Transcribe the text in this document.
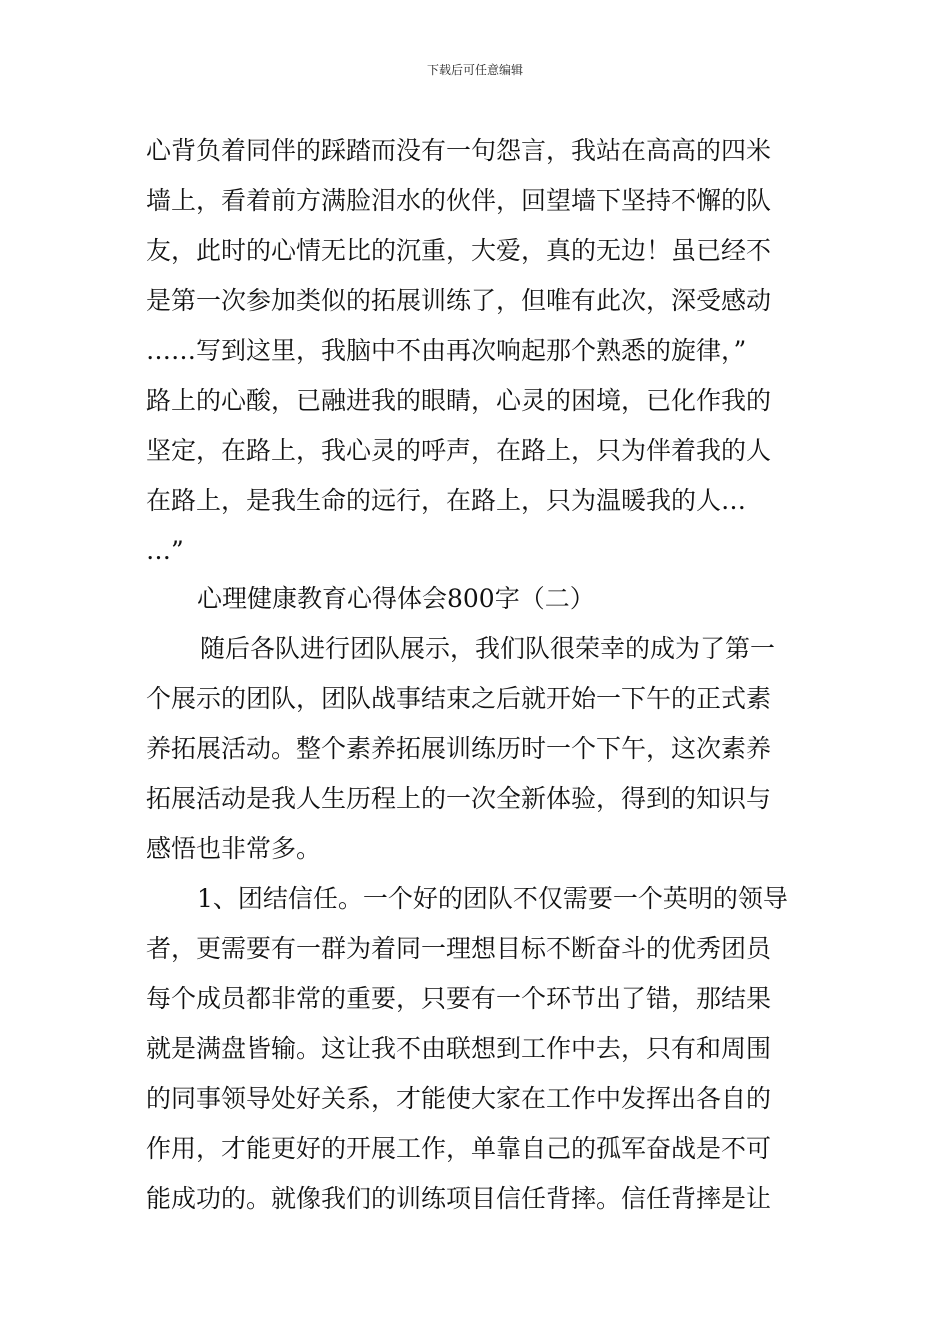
下载后可任意编辑
心背负着同伴的踩踏而没有一句怨言，我站在高高的四米
墙上，看着前方满脸泪水的伙伴，回望墙下坚持不懈的队
友，此时的心情无比的沉重，大爱，真的无边！虽已经不
是第一次参加类似的拓展训练了，但唯有此次，深受感动
……写到这里，我脑中不由再次响起那个熟悉的旋律，”
路上的心酸，已融进我的眼睛，心灵的困境，已化作我的
坚定，在路上，我心灵的呼声，在路上，只为伴着我的人
在路上，是我生命的远行，在路上，只为温暖我的人…
…”
心理健康教育心得体会800字（二）
随后各队进行团队展示，我们队很荣幸的成为了第一
个展示的团队，团队战事结束之后就开始一下午的正式素
养拓展活动。整个素养拓展训练历时一个下午，这次素养
拓展活动是我人生历程上的一次全新体验，得到的知识与
感悟也非常多。
1、团结信任。一个好的团队不仅需要一个英明的领导
者，更需要有一群为着同一理想目标不断奋斗的优秀团员
每个成员都非常的重要，只要有一个环节出了错，那结果
就是满盘皆输。这让我不由联想到工作中去，只有和周围
的同事领导处好关系，才能使大家在工作中发挥出各自的
作用，才能更好的开展工作，单靠自己的孤军奋战是不可
能成功的。就像我们的训练项目信任背摔。信任背摔是让
